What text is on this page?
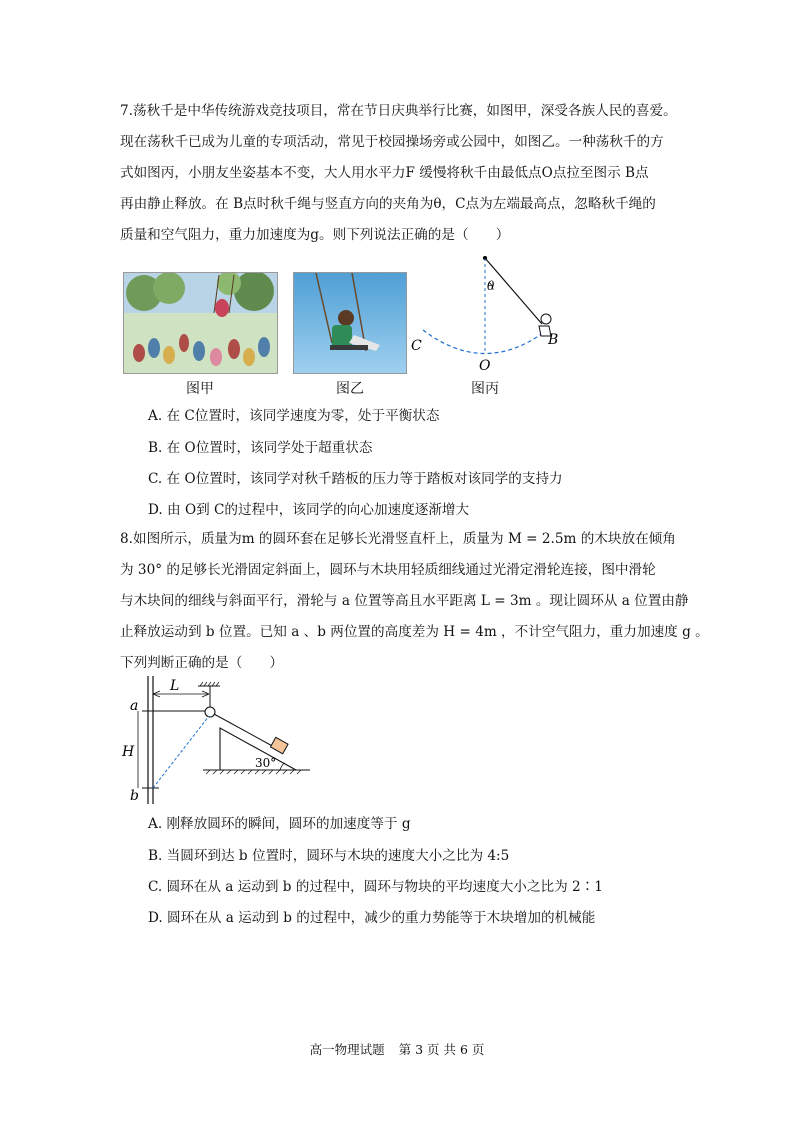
7.荡秋千是中华传统游戏竞技项目，常在节日庆典举行比赛，如图甲，深受各族人民的喜爱。
现在荡秋千已成为儿童的专项活动，常见于校园操场旁或公园中，如图乙。一种荡秋千的方
式如图丙，小朋友坐姿基本不变，大人用水平力F 缓慢将秋千由最低点O点拉至图示 B点
再由静止释放。在 B点时秋千绳与竖直方向的夹角为θ，C点为左端最高点，忽略秋千绳的
质量和空气阻力，重力加速度为g。则下列说法正确的是（　　）
图甲	图乙
θ
C
O
B
图丙
A. 在 C位置时，该同学速度为零，处于平衡状态
B. 在 O位置时，该同学处于超重状态
C. 在 O位置时，该同学对秋千踏板的压力等于踏板对该同学的支持力
D. 由 O到 C的过程中，该同学的向心加速度逐渐增大
8.如图所示，质量为m 的圆环套在足够长光滑竖直杆上，质量为 M = 2.5m 的木块放在倾角
为 30° 的足够长光滑固定斜面上，圆环与木块用轻质细线通过光滑定滑轮连接，图中滑轮
与木块间的细线与斜面平行，滑轮与 a 位置等高且水平距离 L = 3m 。现让圆环从 a 位置由静
止释放运动到 b 位置。已知 a 、b 两位置的高度差为 H = 4m ，不计空气阻力，重力加速度 g 。
下列判断正确的是（　　）
a
b
L
H
30°
A. 刚释放圆环的瞬间，圆环的加速度等于 g
B. 当圆环到达 b 位置时，圆环与木块的速度大小之比为 4:5
C. 圆环在从 a 运动到 b 的过程中，圆环与物块的平均速度大小之比为 2∶1
D. 圆环在从 a 运动到 b 的过程中，减少的重力势能等于木块增加的机械能
高一物理试题 第 3 页 共 6 页
